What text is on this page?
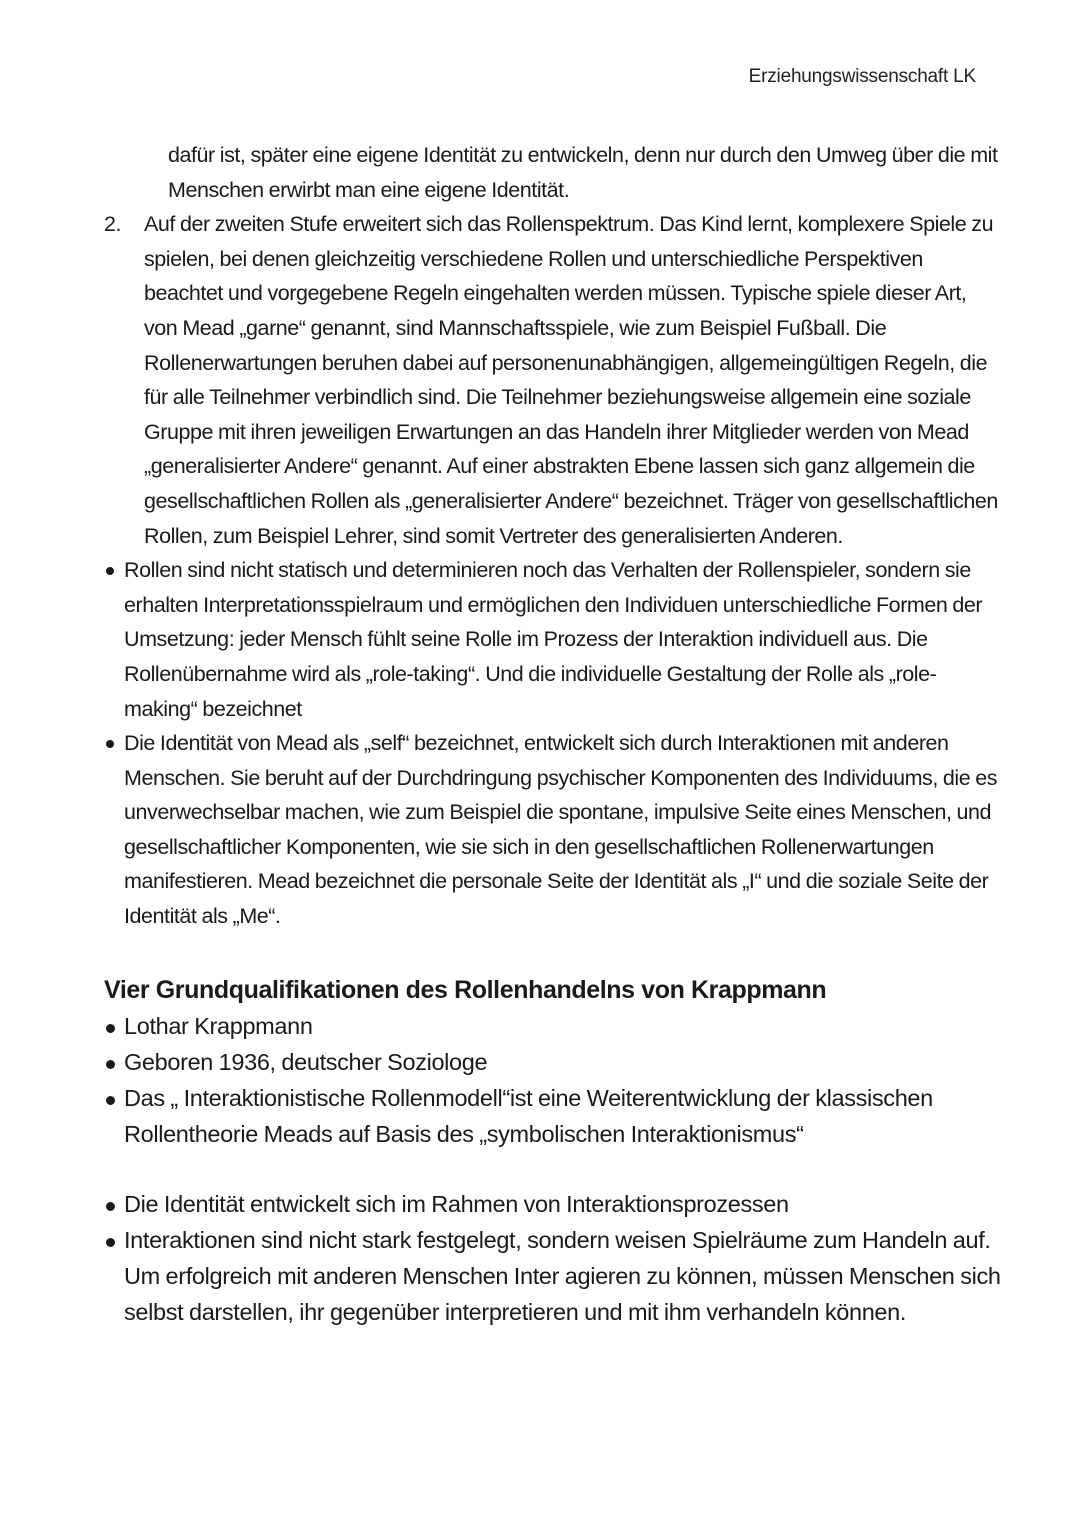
Erziehungswissenschaft LK
dafür ist, später eine eigene Identität zu entwickeln, denn nur durch den Umweg über die mit Menschen erwirbt man eine eigene Identität.
2. Auf der zweiten Stufe erweitert sich das Rollenspektrum. Das Kind lernt, komplexere Spiele zu spielen, bei denen gleichzeitig verschiedene Rollen und unterschiedliche Perspektiven beachtet und vorgegebene Regeln eingehalten werden müssen. Typische spiele dieser Art, von Mead „garne“ genannt, sind Mannschaftsspiele, wie zum Beispiel Fußball. Die Rollenerwartungen beruhen dabei auf personenunabhängigen, allgemeingültigen Regeln, die für alle Teilnehmer verbindlich sind. Die Teilnehmer beziehungsweise allgemein eine soziale Gruppe mit ihren jeweiligen Erwartungen an das Handeln ihrer Mitglieder werden von Mead „generalisierter Andere“ genannt. Auf einer abstrakten Ebene lassen sich ganz allgemein die gesellschaftlichen Rollen als „generalisierter Andere“ bezeichnet. Träger von gesellschaftlichen Rollen, zum Beispiel Lehrer, sind somit Vertreter des generalisierten Anderen.
Rollen sind nicht statisch und determinieren noch das Verhalten der Rollenspieler, sondern sie erhalten Interpretationsspielraum und ermöglichen den Individuen unterschiedliche Formen der Umsetzung: jeder Mensch fühlt seine Rolle im Prozess der Interaktion individuell aus. Die Rollenübernahme wird als „role-taking“. Und die individuelle Gestaltung der Rolle als „role-making“ bezeichnet
Die Identität von Mead als „self“ bezeichnet, entwickelt sich durch Interaktionen mit anderen Menschen. Sie beruht auf der Durchdringung psychischer Komponenten des Individuums, die es unverwechselbar machen, wie zum Beispiel die spontane, impulsive Seite eines Menschen, und gesellschaftlicher Komponenten, wie sie sich in den gesellschaftlichen Rollenerwartungen manifestieren. Mead bezeichnet die personale Seite der Identität als „I“ und die soziale Seite der Identität als „Me“.
Vier Grundqualifikationen des Rollenhandelns von Krappmann
Lothar Krappmann
Geboren 1936, deutscher Soziologe
Das „ Interaktionistische Rollenmodell“ist eine Weiterentwicklung der klassischen Rollentheorie Meads auf Basis des „symbolischen Interaktionismus“
Die Identität entwickelt sich im Rahmen von Interaktionsprozessen
Interaktionen sind nicht stark festgelegt, sondern weisen Spielräume zum Handeln auf. Um erfolgreich mit anderen Menschen Inter agieren zu können, müssen Menschen sich selbst darstellen, ihr gegenüber interpretieren und mit ihm verhandeln können.
